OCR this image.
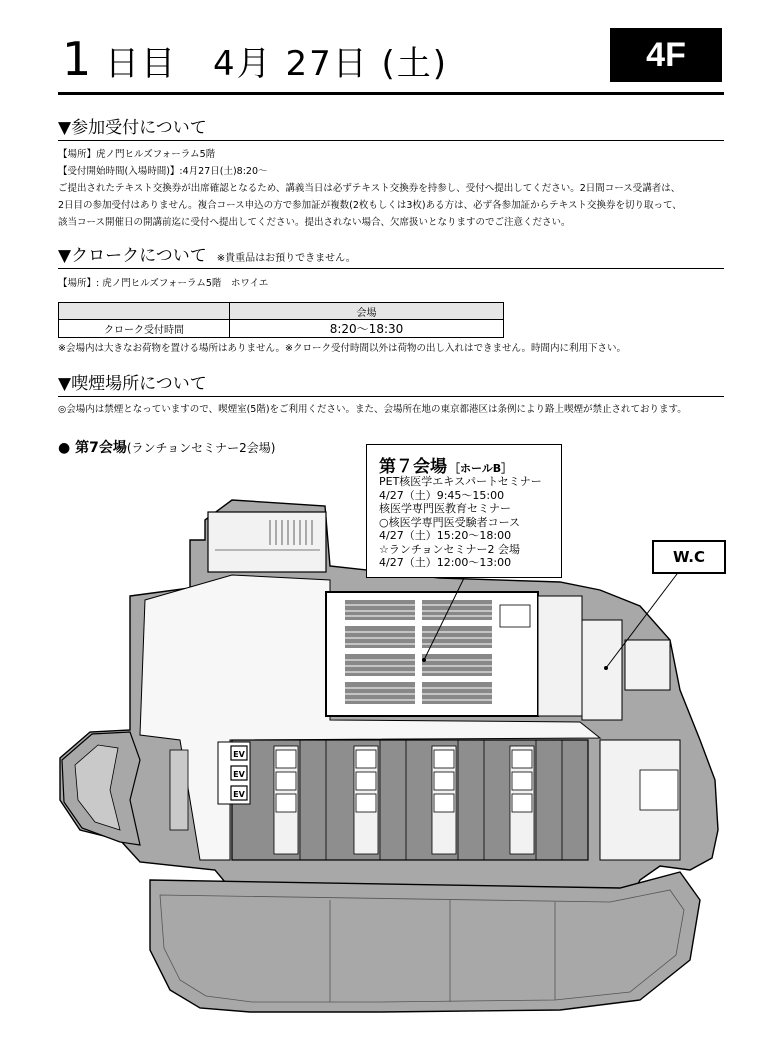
1 日目　4月 27日 (土)	4F
▼参加受付について
【場所】虎ノ門ヒルズフォーラム5階
【受付開始時間(入場時間)】:4月27日(土)8:20～
ご提出されたテキスト交換券が出席確認となるため、講義当日は必ずテキスト交換券を持参し、受付へ提出してください。2日間コース受講者は、
2日目の参加受付はありません。複合コース申込の方で参加証が複数(2枚もしくは3枚)ある方は、必ず各参加証からテキスト交換券を切り取って、
該当コース開催日の開講前迄に受付へ提出してください。提出されない場合、欠席扱いとなりますのでご注意ください。
▼クロークについて ※貴重品はお預りできません。
【場所】: 虎ノ門ヒルズフォーラム5階　ホワイエ
	会場
クローク受付時間	8:20～18:30
※会場内は大きなお荷物を置ける場所はありません。※クローク受付時間以外は荷物の出し入れはできません。時間内に利用下さい。
▼喫煙場所について
◎会場内は禁煙となっていますので、喫煙室(5階)をご利用ください。また、会場所在地の東京都港区は条例により路上喫煙が禁止されております。
● 第7会場(ランチョンセミナー2会場)
EV
EV
EV
第７会場 ［ホールB］
PET核医学エキスパートセミナー
4/27（土）9:45～15:00
核医学専門医教育セミナー
○核医学専門医受験者コース
4/27（土）15:20～18:00
☆ランチョンセミナー2 会場
4/27（土）12:00～13:00	W.C
